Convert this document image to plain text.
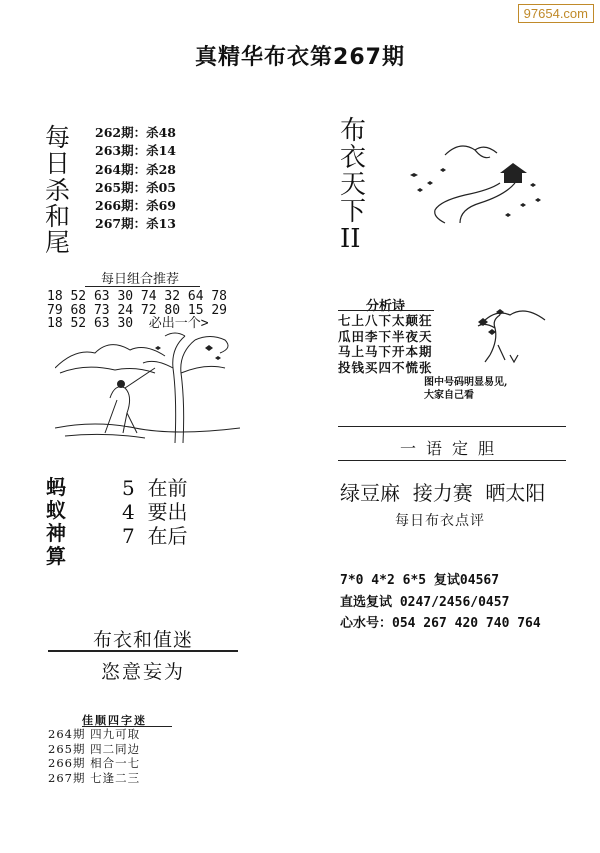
97654.com
真精华布衣第267期
每
日
杀
和
尾
262期：杀48
263期：杀14
264期：杀28
265期：杀05
266期：杀69
267期：杀13
每日组合推荐
18 52 63 30 74 32 64 78
79 68 73 24 72 80 15 29
18 52 63 30  必出一个>
蚂
蚁
神
算
5  在前
4  要出
7  在后
布
衣
天
下
II
分析诗
七上八下太颠狂
瓜田李下半夜天
马上马下开本期
投钱买四不慌张
图中号码明显易见,
大家自己看
一语定胆
绿豆麻  接力赛  晒太阳
每日布衣点评
7*0 4*2 6*5 复试04567
直选复试 0247/2456/0457
心水号：054 267 420 740 764
布衣和值迷
恣意妄为
佳顺四字迷
264期 四九可取
265期 四二同边
266期 相合一七
267期 七逢二三
